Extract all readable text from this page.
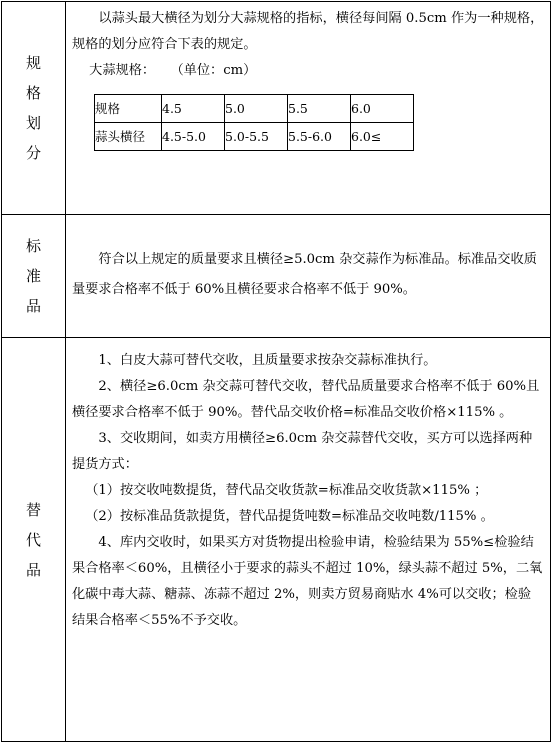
规
格
划
分

以蒜头最大横径为划分大蒜规格的指标，横径每间隔 0.5cm 作为一种规格，规格的划分应符合下表的规定。

大蒜规格： （单位：cm）

规格	4.5	5.0	5.5	6.0
蒜头横径	4.5-5.0	5.0-5.5	5.5-6.0	6.0≤

标
准
品

符合以上规定的质量要求且横径≥5.0cm 杂交蒜作为标准品。标准品交收质量要求合格率不低于 60%且横径要求合格率不低于 90%。

替
代
品

1、白皮大蒜可替代交收，且质量要求按杂交蒜标准执行。

2、横径≥6.0cm 杂交蒜可替代交收，替代品质量要求合格率不低于 60%且横径要求合格率不低于 90%。替代品交收价格=标准品交收价格×115% 。

3、交收期间，如卖方用横径≥6.0cm 杂交蒜替代交收，买方可以选择两种提货方式：

（1）按交收吨数提货，替代品交收货款=标准品交收货款×115% ；

（2）按标准品货款提货，替代品提货吨数=标准品交收吨数/115% 。

4、库内交收时，如果买方对货物提出检验申请，检验结果为 55%≤检验结果合格率＜60%，且横径小于要求的蒜头不超过 10%，绿头蒜不超过 5%，二氧化碳中毒大蒜、糖蒜、冻蒜不超过 2%，则卖方贸易商贴水 4%可以交收；检验结果合格率＜55%不予交收。
